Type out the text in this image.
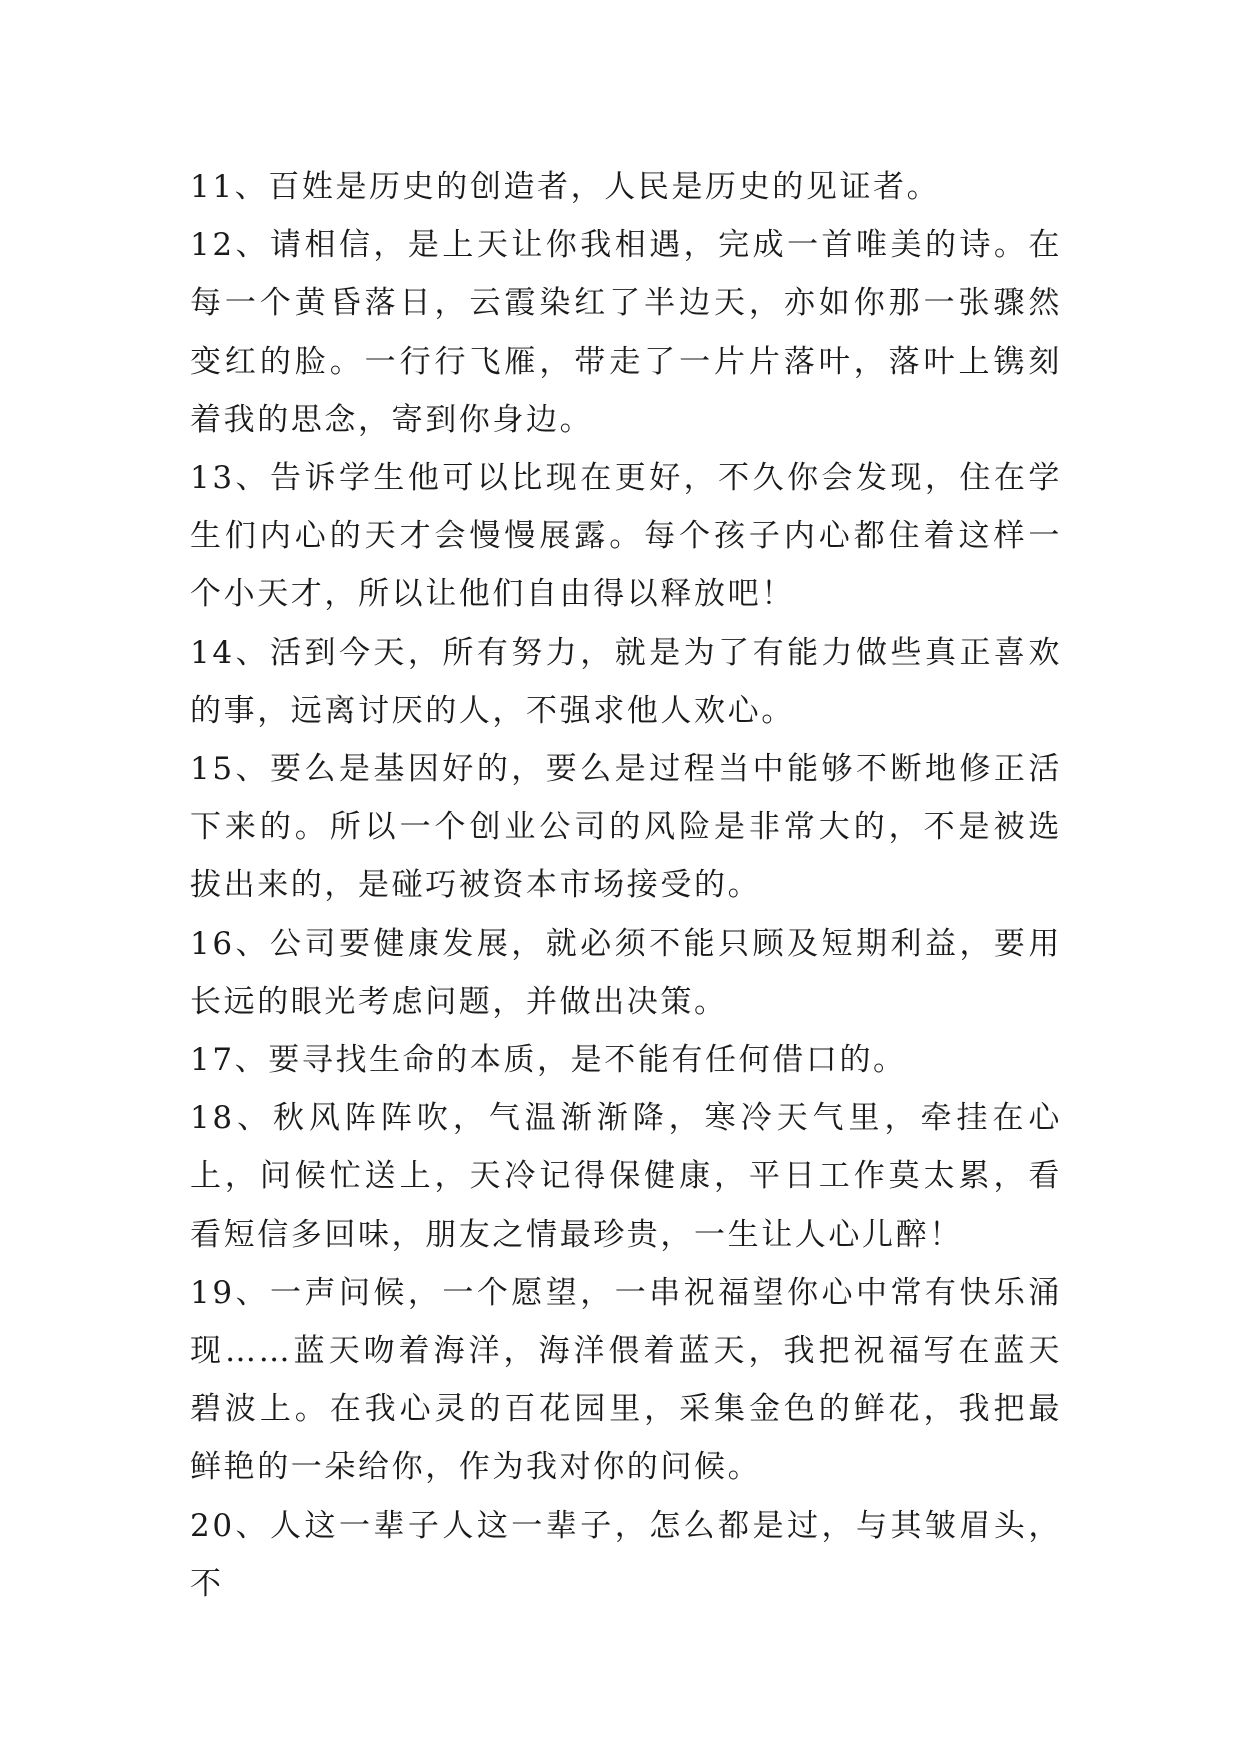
11、百姓是历史的创造者，人民是历史的见证者。

12、请相信，是上天让你我相遇，完成一首唯美的诗。在每一个黄昏落日，云霞染红了半边天，亦如你那一张骤然变红的脸。一行行飞雁，带走了一片片落叶，落叶上镌刻着我的思念，寄到你身边。

13、告诉学生他可以比现在更好，不久你会发现，住在学生们内心的天才会慢慢展露。每个孩子内心都住着这样一个小天才，所以让他们自由得以释放吧！

14、活到今天，所有努力，就是为了有能力做些真正喜欢的事，远离讨厌的人，不强求他人欢心。

15、要么是基因好的，要么是过程当中能够不断地修正活下来的。所以一个创业公司的风险是非常大的，不是被选拔出来的，是碰巧被资本市场接受的。

16、公司要健康发展，就必须不能只顾及短期利益，要用长远的眼光考虑问题，并做出决策。

17、要寻找生命的本质，是不能有任何借口的。

18、秋风阵阵吹，气温渐渐降，寒冷天气里，牵挂在心上，问候忙送上，天冷记得保健康，平日工作莫太累，看看短信多回味，朋友之情最珍贵，一生让人心儿醉！

19、一声问候，一个愿望，一串祝福望你心中常有快乐涌现……蓝天吻着海洋，海洋偎着蓝天，我把祝福写在蓝天碧波上。在我心灵的百花园里，采集金色的鲜花，我把最鲜艳的一朵给你，作为我对你的问候。

20、人这一辈子人这一辈子，怎么都是过，与其皱眉头，不
